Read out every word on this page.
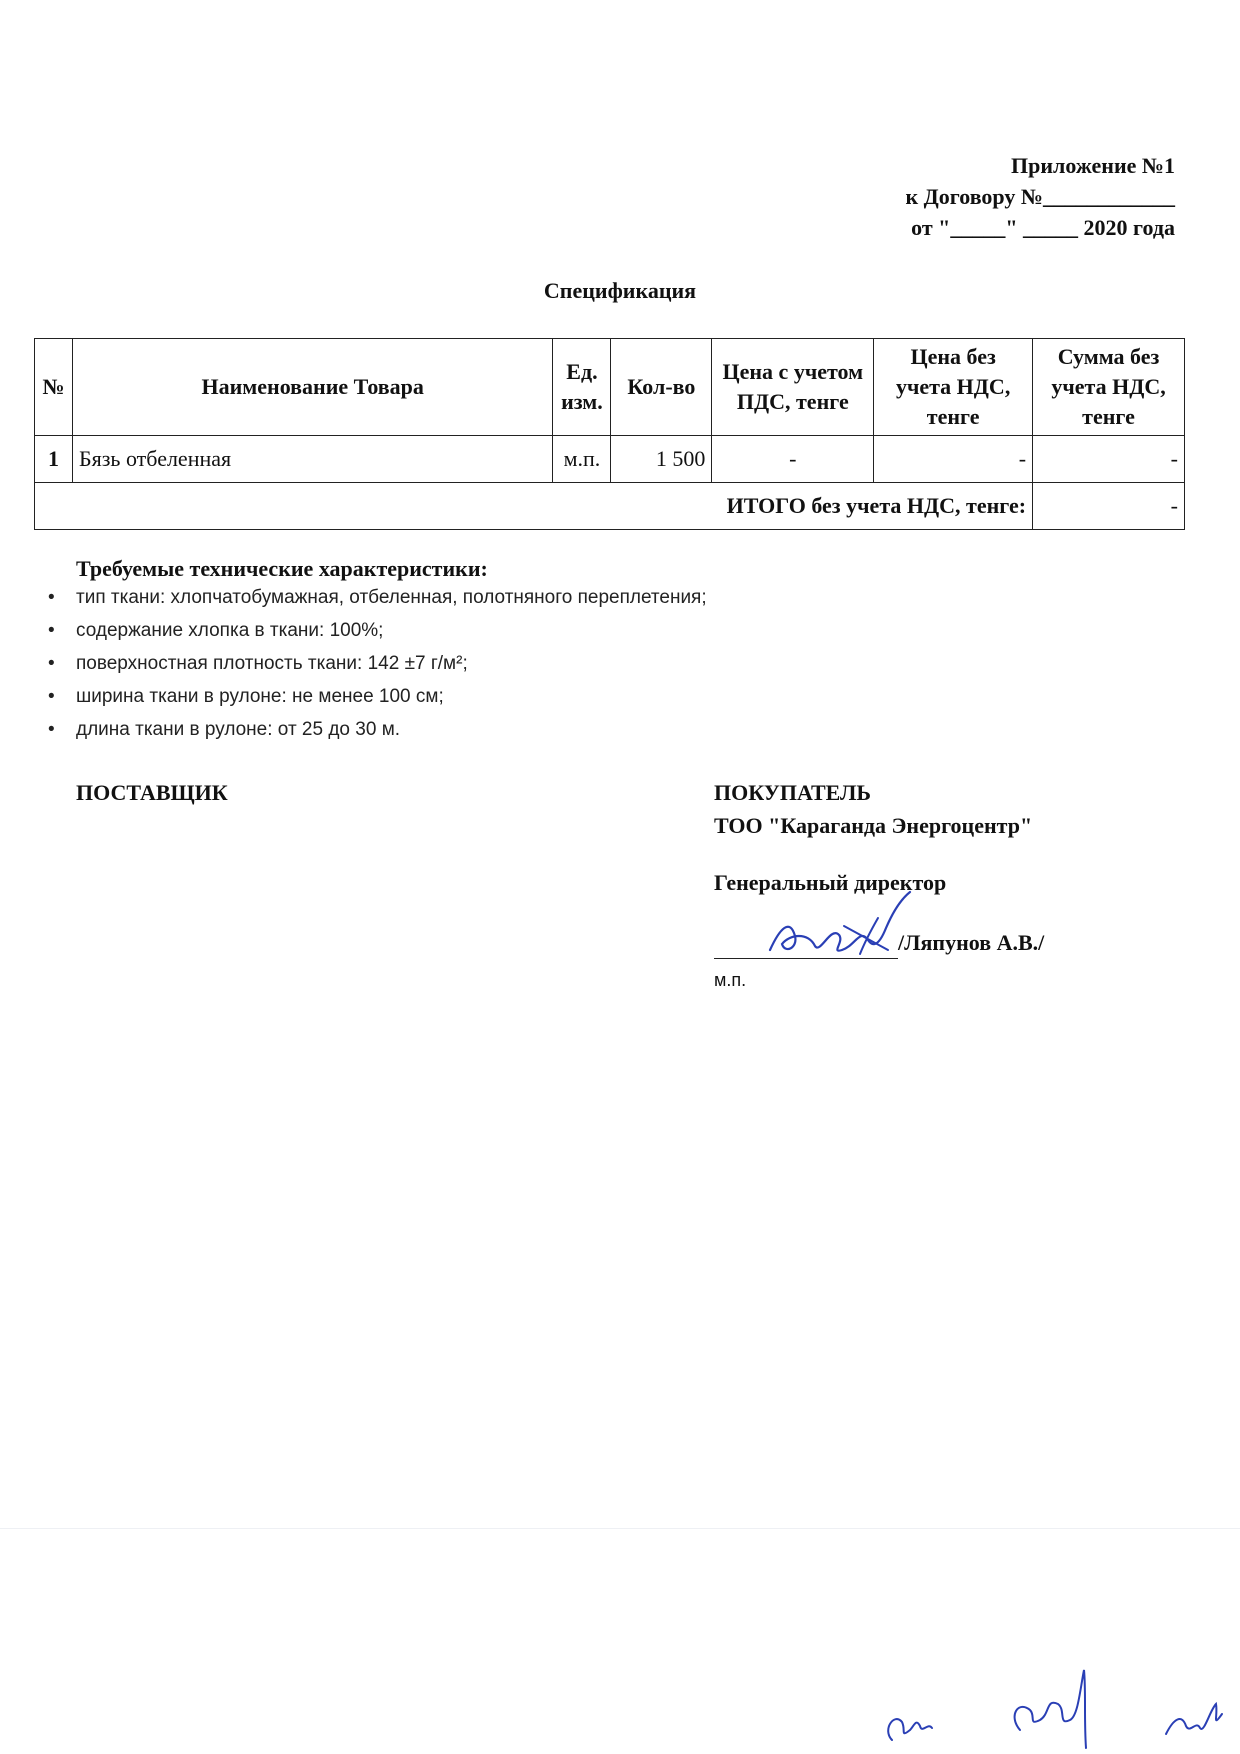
Приложение №1
к Договору №____________
от "_____" _____ 2020 года
Спецификация
№	Наименование Товара	Ед. изм.	Кол-во	Цена с учетом ПДС, тенге	Цена без учета НДС, тенге	Сумма без учета НДС, тенге
1	Бязь отбеленная	м.п.	1 500	-	-	-
ИТОГО без учета НДС, тенге:						-
Требуемые технические характеристики:
• тип ткани: хлопчатобумажная, отбеленная, полотняного переплетения;
• содержание хлопка в ткани: 100%;
• поверхностная плотность ткани: 142 ±7 г/м²;
• ширина ткани в рулоне: не менее 100 см;
• длина ткани в рулоне: от 25 до 30 м.
ПОСТАВЩИК	ПОКУПАТЕЛЬ
ТОО "Караганда Энергоцентр"
Генеральный директор
/Ляпунов А.В./
м.п.
